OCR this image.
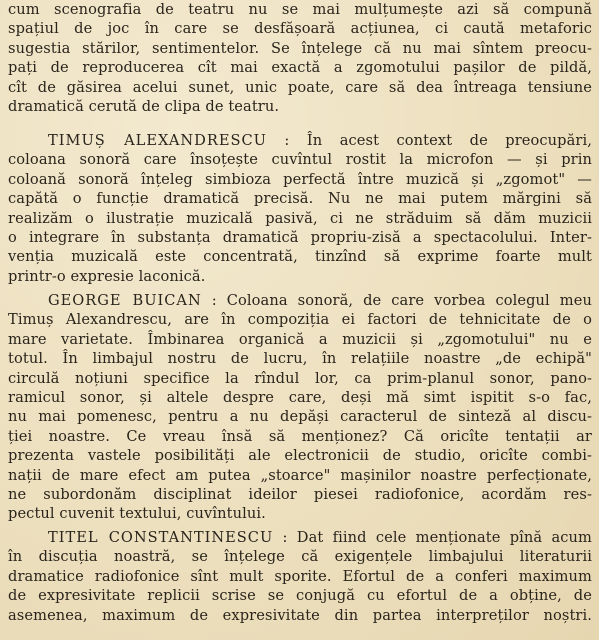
cum scenografia de teatru nu se mai mulțumește azi să compună
spațiul de joc în care se desfășoară acțiunea, ci caută metaforic
sugestia stărilor, sentimentelor. Se înțelege că nu mai sîntem preocu-
pați de reproducerea cît mai exactă a zgomotului pașilor de pildă,
cît de găsirea acelui sunet, unic poate, care să dea întreaga tensiune
dramatică cerută de clipa de teatru.
TIMUȘ ALEXANDRESCU : În acest context de preocupări,
coloana sonoră care însoțește cuvîntul rostit la microfon — și prin
coloană sonoră înțeleg simbioza perfectă între muzică și „zgomot" —
capătă o funcție dramatică precisă. Nu ne mai putem mărgini să
realizăm o ilustrație muzicală pasivă, ci ne străduim să dăm muzicii
o integrare în substanța dramatică propriu-zisă a spectacolului. Inter-
venția muzicală este concentrată, tinzînd să exprime foarte mult
printr-o expresie laconică.
GEORGE BUICAN : Coloana sonoră, de care vorbea colegul meu
Timuș Alexandrescu, are în compoziția ei factori de tehnicitate de o
mare varietate. Îmbinarea organică a muzicii și „zgomotului" nu e
totul. În limbajul nostru de lucru, în relațiile noastre „de echipă"
circulă noțiuni specifice la rîndul lor, ca prim-planul sonor, pano-
ramicul sonor, și altele despre care, deși mă simt ispitit s-o fac,
nu mai pomenesc, pentru a nu depăși caracterul de sinteză al discu-
ției noastre. Ce vreau însă să menționez? Că oricîte tentații ar
prezenta vastele posibilități ale electronicii de studio, oricîte combi-
nații de mare efect am putea „stoarce" mașinilor noastre perfecționate,
ne subordonăm disciplinat ideilor piesei radiofonice, acordăm res-
pectul cuvenit textului, cuvîntului.
TITEL CONSTANTINESCU : Dat fiind cele menționate pînă acum
în discuția noastră, se înțelege că exigențele limbajului literaturii
dramatice radiofonice sînt mult sporite. Efortul de a conferi maximum
de expresivitate replicii scrise se conjugă cu efortul de a obține, de
asemenea, maximum de expresivitate din partea interpreților noștri.
